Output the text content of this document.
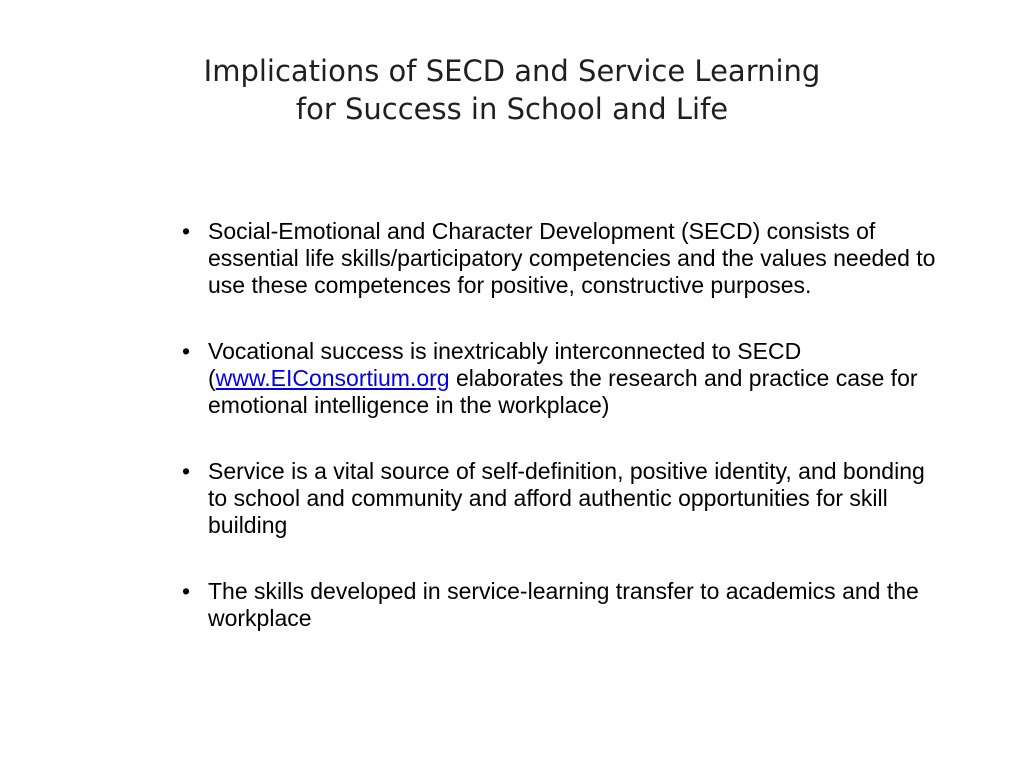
Implications of SECD and Service Learning
for Success in School and Life
• Social-Emotional and Character Development (SECD) consists of essential life skills/participatory competencies and the values needed to use these competences for positive, constructive purposes.
• Vocational success is inextricably interconnected to SECD (www.EIConsortium.org elaborates the research and practice case for emotional intelligence in the workplace)
• Service is a vital source of self-definition, positive identity, and bonding to school and community and afford authentic opportunities for skill building
• The skills developed in service-learning transfer to academics and the workplace
